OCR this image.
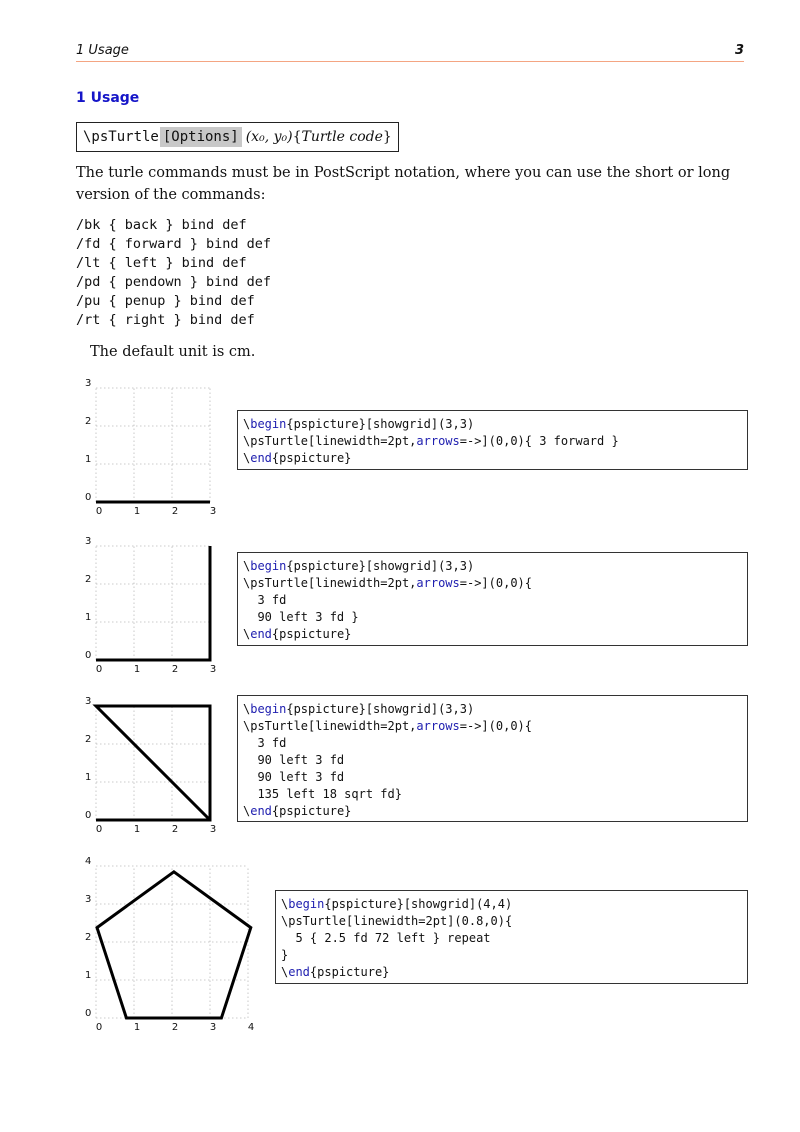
1 Usage	3
1 Usage
\psTurtle [Options] (x₀, y₀) { Turtle code }
The turle commands must be in PostScript notation, where you can use the short or long version of the commands:
/bk { back } bind def
/fd { forward } bind def
/lt { left } bind def
/pd { pendown } bind def
/pu { penup } bind def
/rt { right } bind def
The default unit is cm.
0	1	2	3
0
1
2
3
0	1	2	3
0
1
2
3
0	1	2	3
0
1
2
3
0	1	2	3	4
0
1
2
3
4
\begin{pspicture}[showgrid](3,3)
\psTurtle[linewidth=2pt,arrows=->](0,0){ 3 forward }
\end{pspicture}
\begin{pspicture}[showgrid](3,3)
\psTurtle[linewidth=2pt,arrows=->](0,0){
3 fd
90 left 3 fd }
\end{pspicture}
\begin{pspicture}[showgrid](3,3)
\psTurtle[linewidth=2pt,arrows=->](0,0){
3 fd
90 left 3 fd
90 left 3 fd
135 left 18 sqrt fd}
\end{pspicture}
\begin{pspicture}[showgrid](4,4)
\psTurtle[linewidth=2pt](0.8,0){
5 { 2.5 fd 72 left } repeat
}
\end{pspicture}
